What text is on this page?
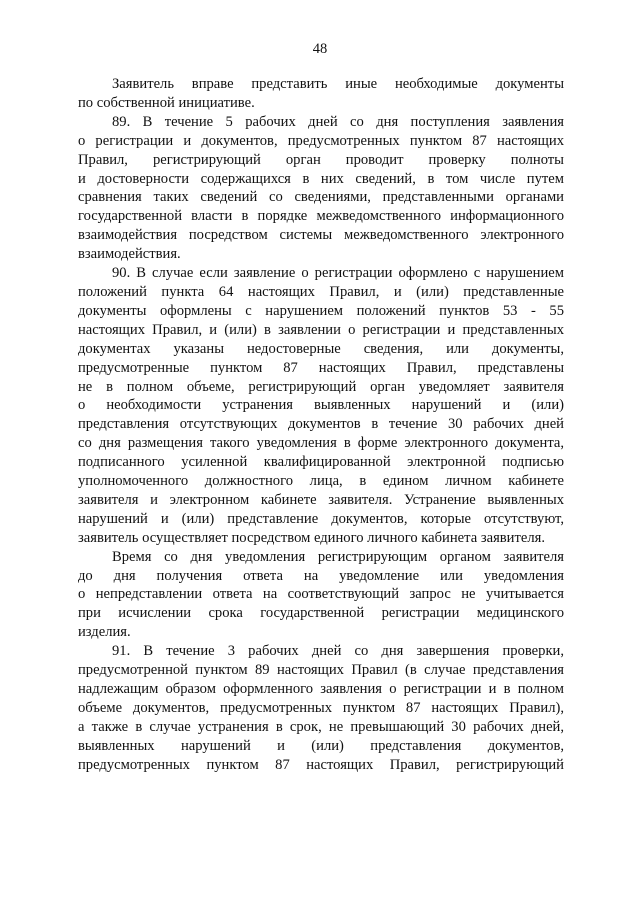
48
Заявитель вправе представить иные необходимые документы
по собственной инициативе.
89. В течение 5 рабочих дней со дня поступления заявления
о регистрации и документов, предусмотренных пунктом 87 настоящих
Правил, регистрирующий орган проводит проверку полноты
и достоверности содержащихся в них сведений, в том числе путем
сравнения таких сведений со сведениями, представленными органами
государственной власти в порядке межведомственного информационного
взаимодействия посредством системы межведомственного электронного
взаимодействия.
90. В случае если заявление о регистрации оформлено с нарушением
положений пункта 64 настоящих Правил, и (или) представленные
документы оформлены с нарушением положений пунктов 53 - 55
настоящих Правил, и (или) в заявлении о регистрации и представленных
документах указаны недостоверные сведения, или документы,
предусмотренные пунктом 87 настоящих Правил, представлены
не в полном объеме, регистрирующий орган уведомляет заявителя
о необходимости устранения выявленных нарушений и (или)
представления отсутствующих документов в течение 30 рабочих дней
со дня размещения такого уведомления в форме электронного документа,
подписанного усиленной квалифицированной электронной подписью
уполномоченного должностного лица, в едином личном кабинете
заявителя и электронном кабинете заявителя. Устранение выявленных
нарушений и (или) представление документов, которые отсутствуют,
заявитель осуществляет посредством единого личного кабинета заявителя.
Время со дня уведомления регистрирующим органом заявителя
до дня получения ответа на уведомление или уведомления
о непредставлении ответа на соответствующий запрос не учитывается
при исчислении срока государственной регистрации медицинского
изделия.
91. В течение 3 рабочих дней со дня завершения проверки,
предусмотренной пунктом 89 настоящих Правил (в случае представления
надлежащим образом оформленного заявления о регистрации и в полном
объеме документов, предусмотренных пунктом 87 настоящих Правил),
а также в случае устранения в срок, не превышающий 30 рабочих дней,
выявленных нарушений и (или) представления документов,
предусмотренных пунктом 87 настоящих Правил, регистрирующий
